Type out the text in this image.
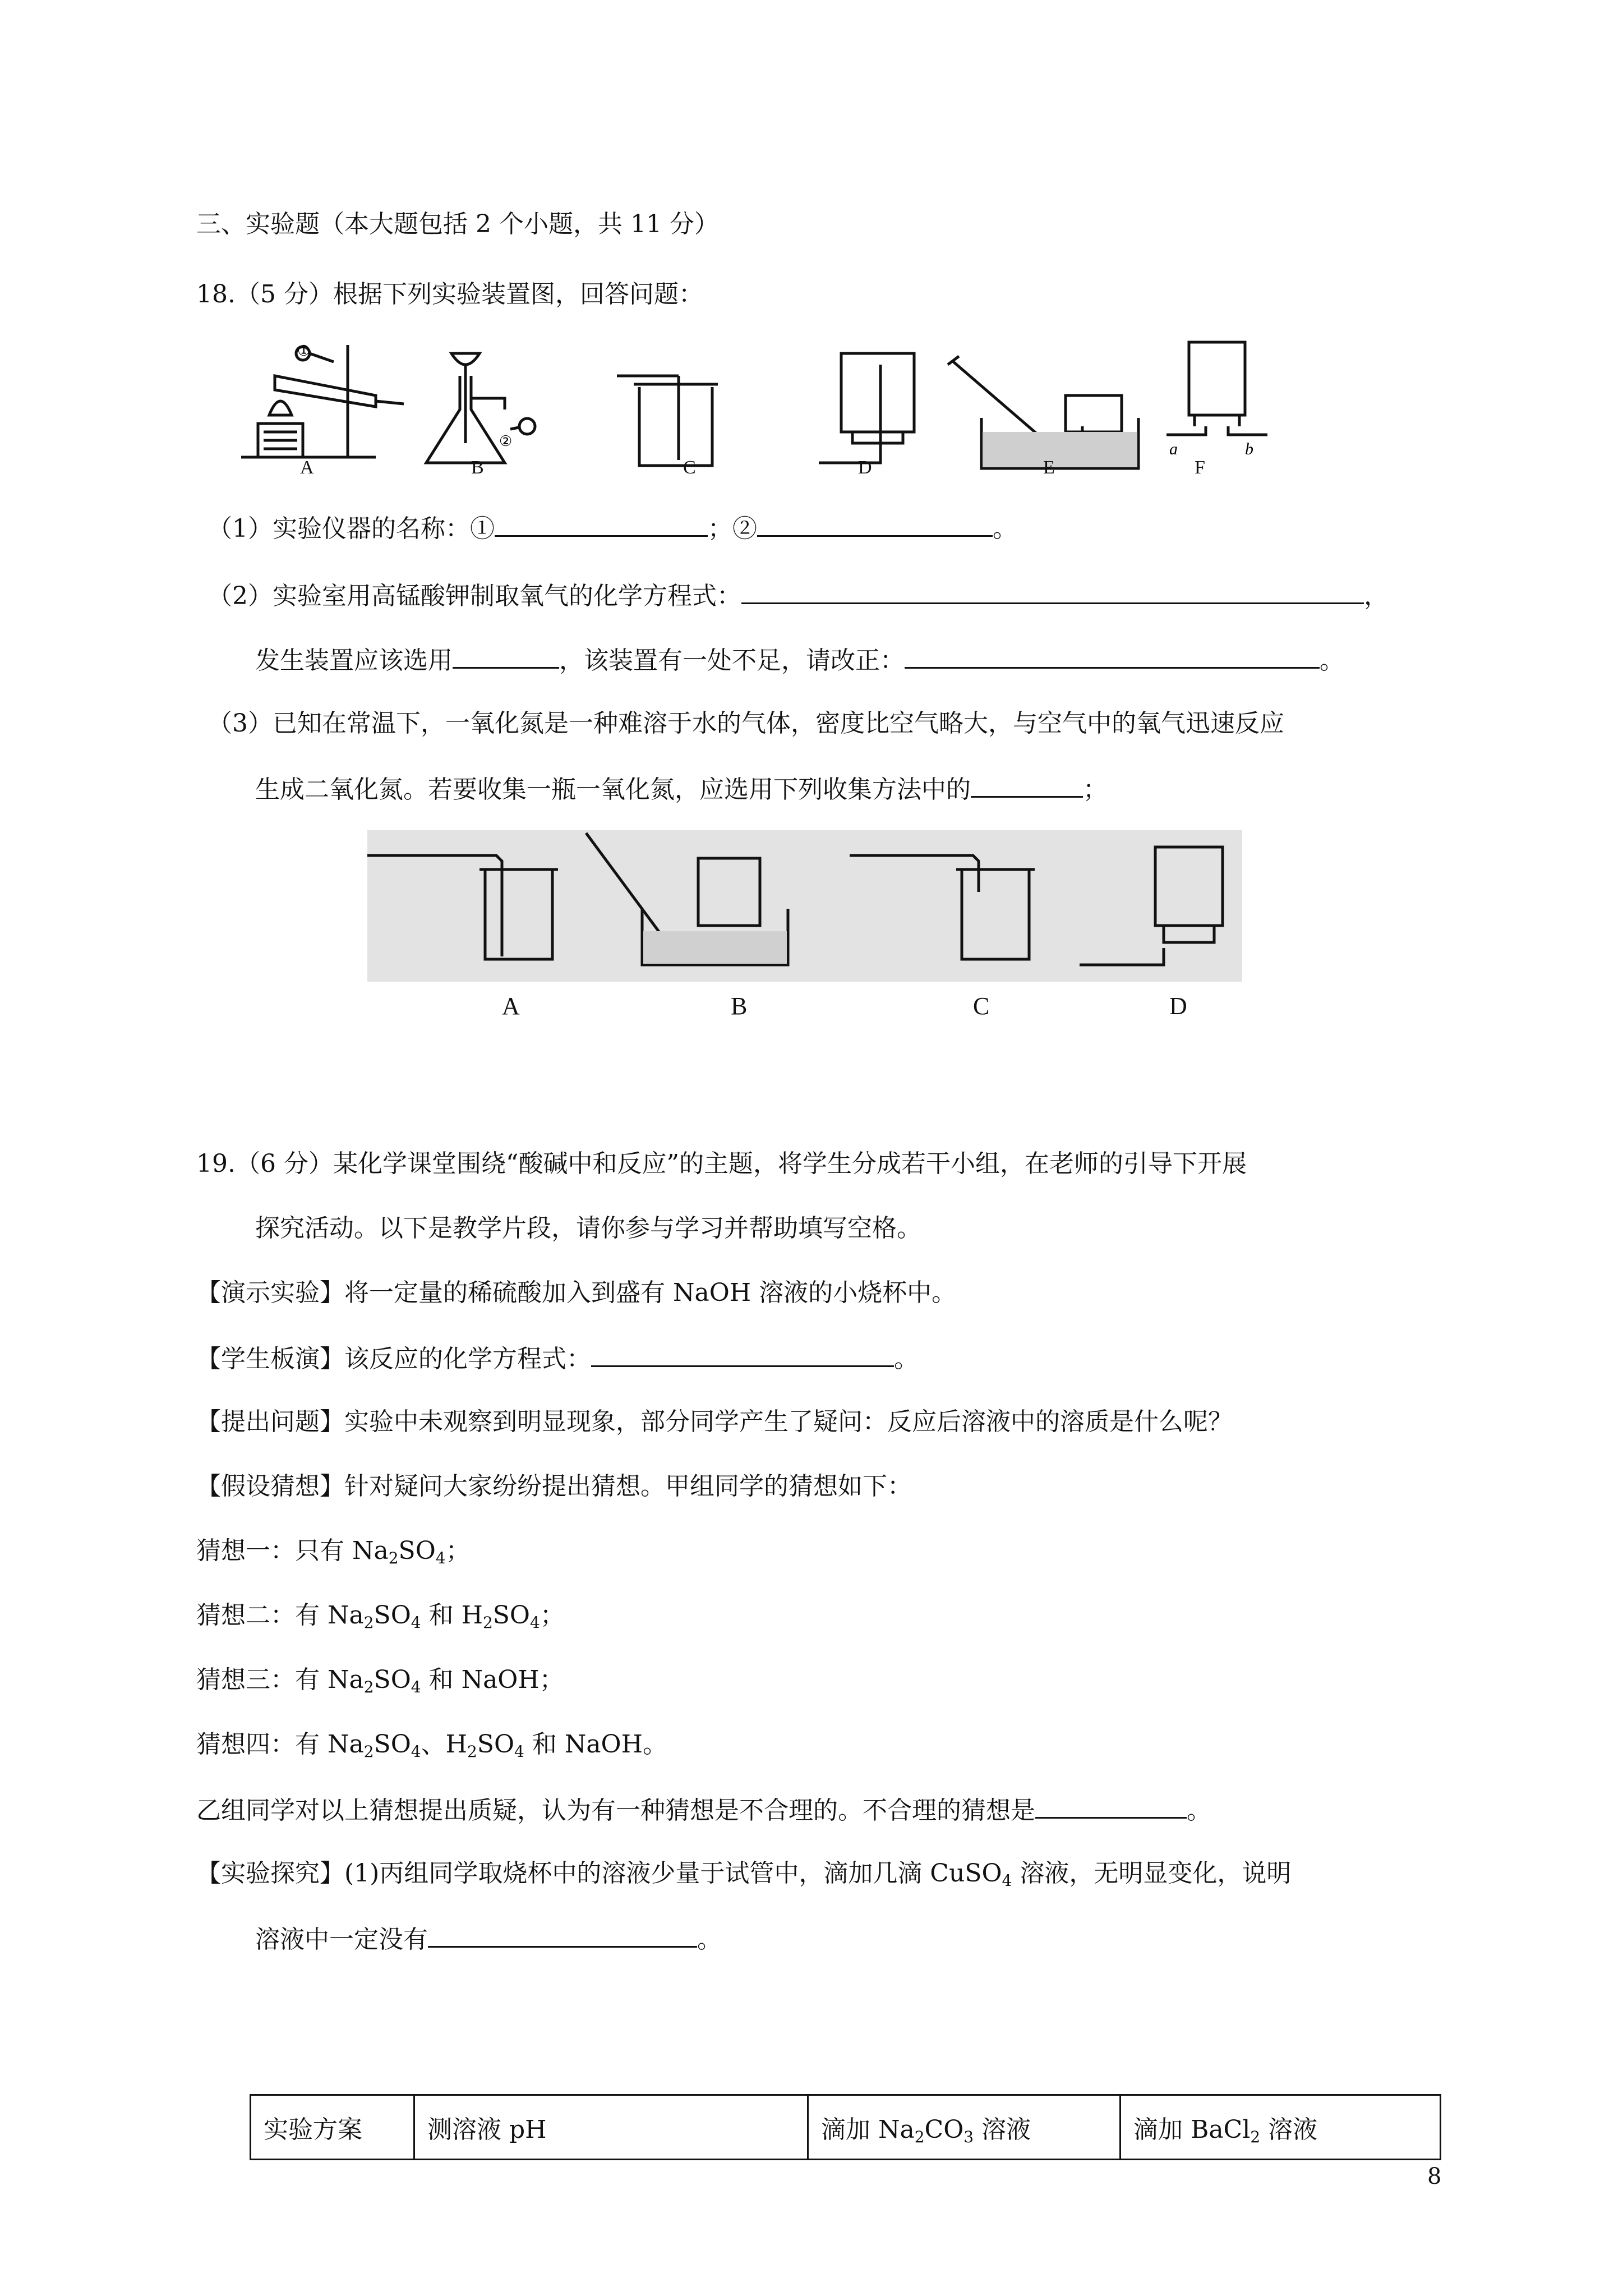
三、实验题（本大题包括 2 个小题，共 11 分）
18.（5 分）根据下列实验装置图，回答问题：
②
①
a	b
A	B	C	D	E	F
（1）实验仪器的名称：①	；②	。
（2）实验室用高锰酸钾制取氧气的化学方程式：	，
发生装置应该选用	，该装置有一处不足，请改正：	。
（3）已知在常温下，一氧化氮是一种难溶于水的气体，密度比空气略大，与空气中的氧气迅速反应
生成二氧化氮。若要收集一瓶一氧化氮，应选用下列收集方法中的	；
A	B	C	D
19.（6 分）某化学课堂围绕“酸碱中和反应”的主题，将学生分成若干小组，在老师的引导下开展
探究活动。以下是教学片段，请你参与学习并帮助填写空格。
【演示实验】将一定量的稀硫酸加入到盛有 NaOH 溶液的小烧杯中。
【学生板演】该反应的化学方程式：	。
【提出问题】实验中未观察到明显现象，部分同学产生了疑问：反应后溶液中的溶质是什么呢？
【假设猜想】针对疑问大家纷纷提出猜想。甲组同学的猜想如下：
猜想一：只有 $Na_2SO_4$；
猜想二：有 $Na_2SO_4$ 和 $H_2SO_4$；
猜想三：有 $Na_2SO_4$ 和 NaOH；
猜想四：有 $Na_2SO_4$、$H_2SO_4$ 和 NaOH。
乙组同学对以上猜想提出质疑，认为有一种猜想是不合理的。不合理的猜想是	。
【实验探究】(1)丙组同学取烧杯中的溶液少量于试管中，滴加几滴 CuSO$_4$ 溶液，无明显变化，说明
溶液中一定没有	。
实验方案	测溶液 pH	滴加 $Na_2CO_3$ 溶液	滴加 BaCl$_2$ 溶液
8
